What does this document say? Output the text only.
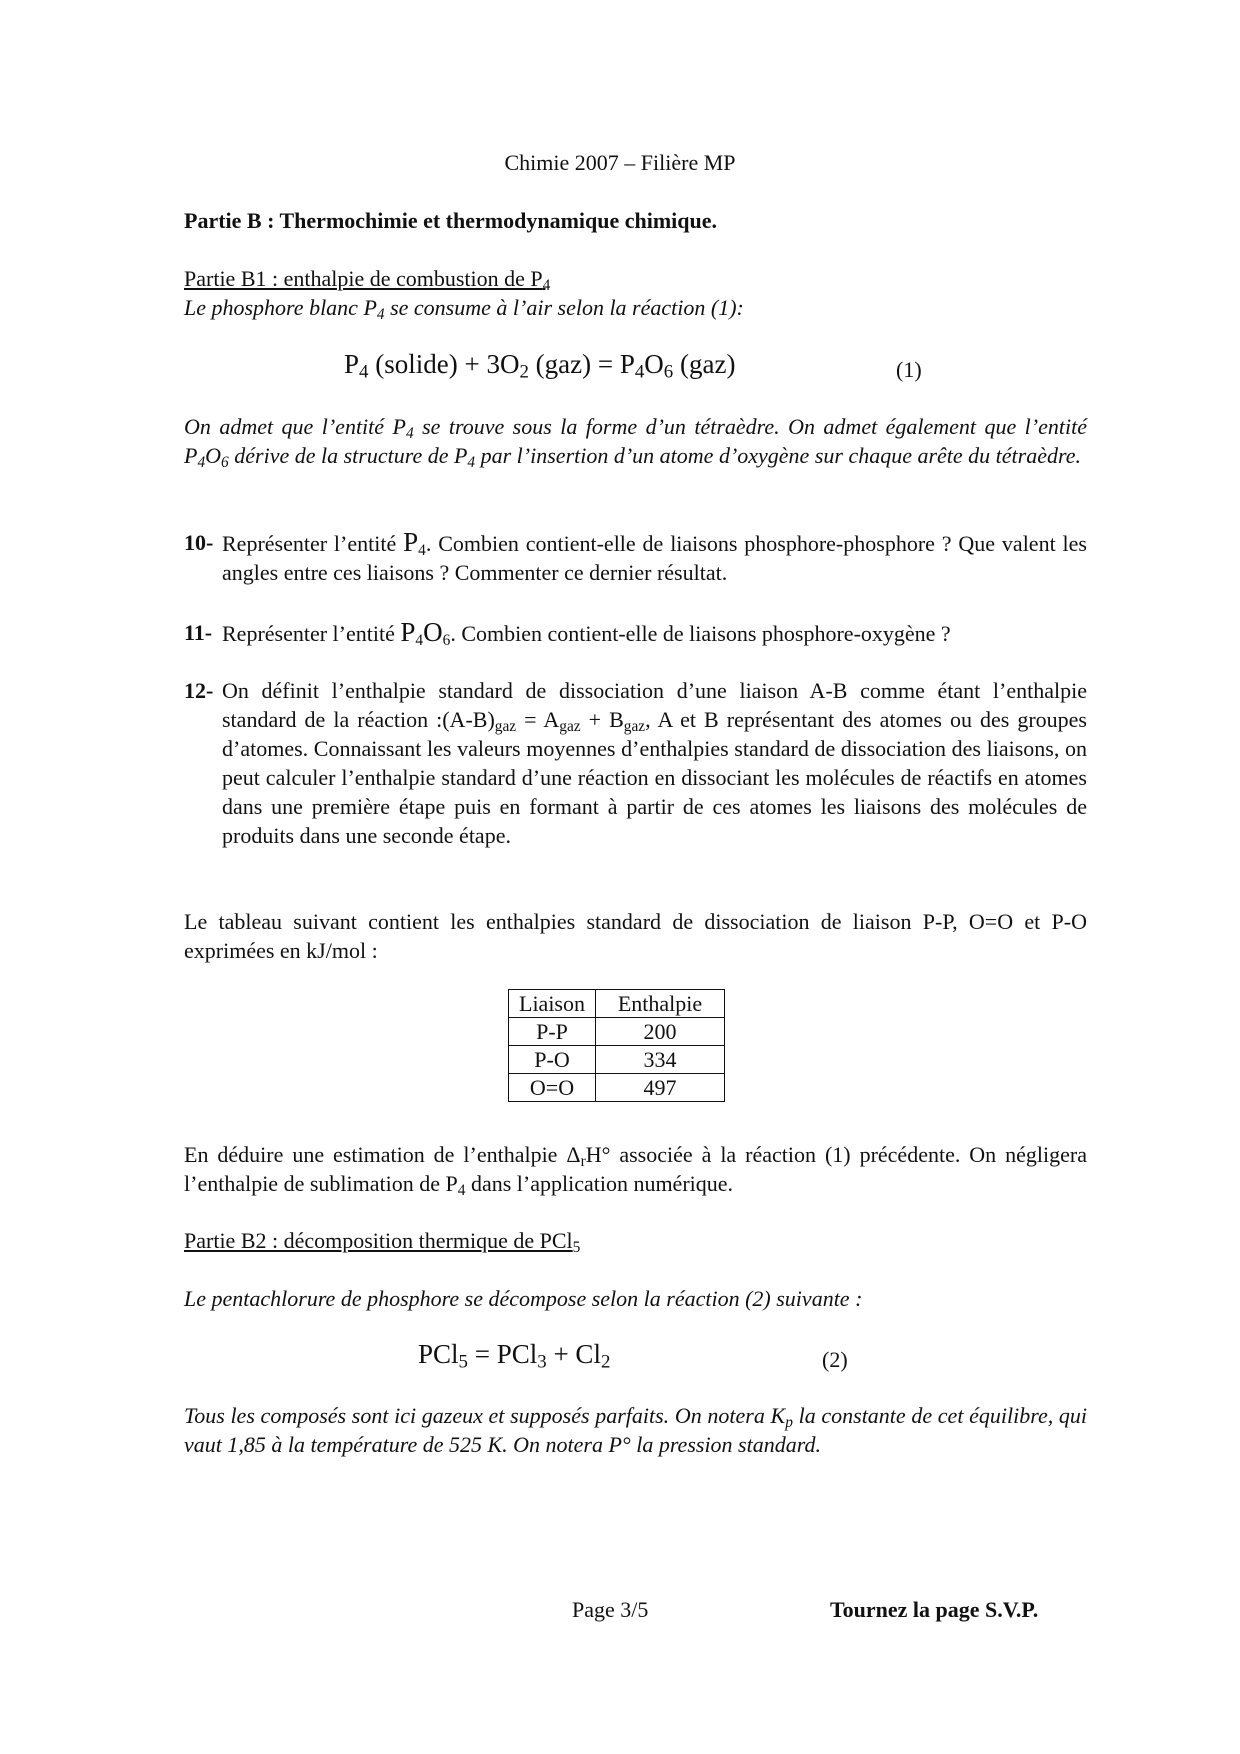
Chimie 2007 – Filière MP
Partie B : Thermochimie et thermodynamique chimique.
Partie B1 : enthalpie de combustion de $P_4$
Le phosphore blanc $P_4$ se consume à l’air selon la réaction (1):
$P_4$ (solide) + $3O_2$ $(gaz) = P_4O_6$ (gaz)	(1)
On admet que l’entité $P_4$ se trouve sous la forme d’un tétraèdre. On admet également que l’entité $P_4O_6$ dérive de la structure de $P_4$ par l’insertion d’un atome d’oxygène sur chaque arête du tétraèdre.
10- Représenter l’entité $P_4$. Combien contient-elle de liaisons phosphore-phosphore ? Que valent les angles entre ces liaisons ? Commenter ce dernier résultat.
11- Représenter l’entité $P_4O_6$. Combien contient-elle de liaisons phosphore-oxygène ?
12- On définit l’enthalpie standard de dissociation d’une liaison A-B comme étant l’enthalpie standard de la réaction $:(A-B)_{gaz} = A_{gaz} + B_{gaz}$, A et B représentant des atomes ou des groupes d’atomes. Connaissant les valeurs moyennes d’enthalpies standard de dissociation des liaisons, on peut calculer l’enthalpie standard d’une réaction en dissociant les molécules de réactifs en atomes dans une première étape puis en formant à partir de ces atomes les liaisons des molécules de produits dans une seconde étape.
Le tableau suivant contient les enthalpies standard de dissociation de liaison P-P, O=O et P-O exprimées en kJ/mol :
Liaison	Enthalpie
P-P	200
P-O	334
O=O	497
En déduire une estimation de l’enthalpie $\Delta_rH^\circ$ associée à la réaction (1) précédente. On négligera l’enthalpie de sublimation de $P_4$ dans l’application numérique.
Partie B2 : décomposition thermique de PCl$_5$
Le pentachlorure de phosphore se décompose selon la réaction (2) suivante :
$PCl_5 = PCl_3 + Cl_2$	(2)
Tous les composés sont ici gazeux et supposés parfaits. On notera $K_p$ la constante de cet équilibre, qui vaut 1,85 à la température de 525 K. On notera P° la pression standard.
Page 3/5	Tournez la page S.V.P.
